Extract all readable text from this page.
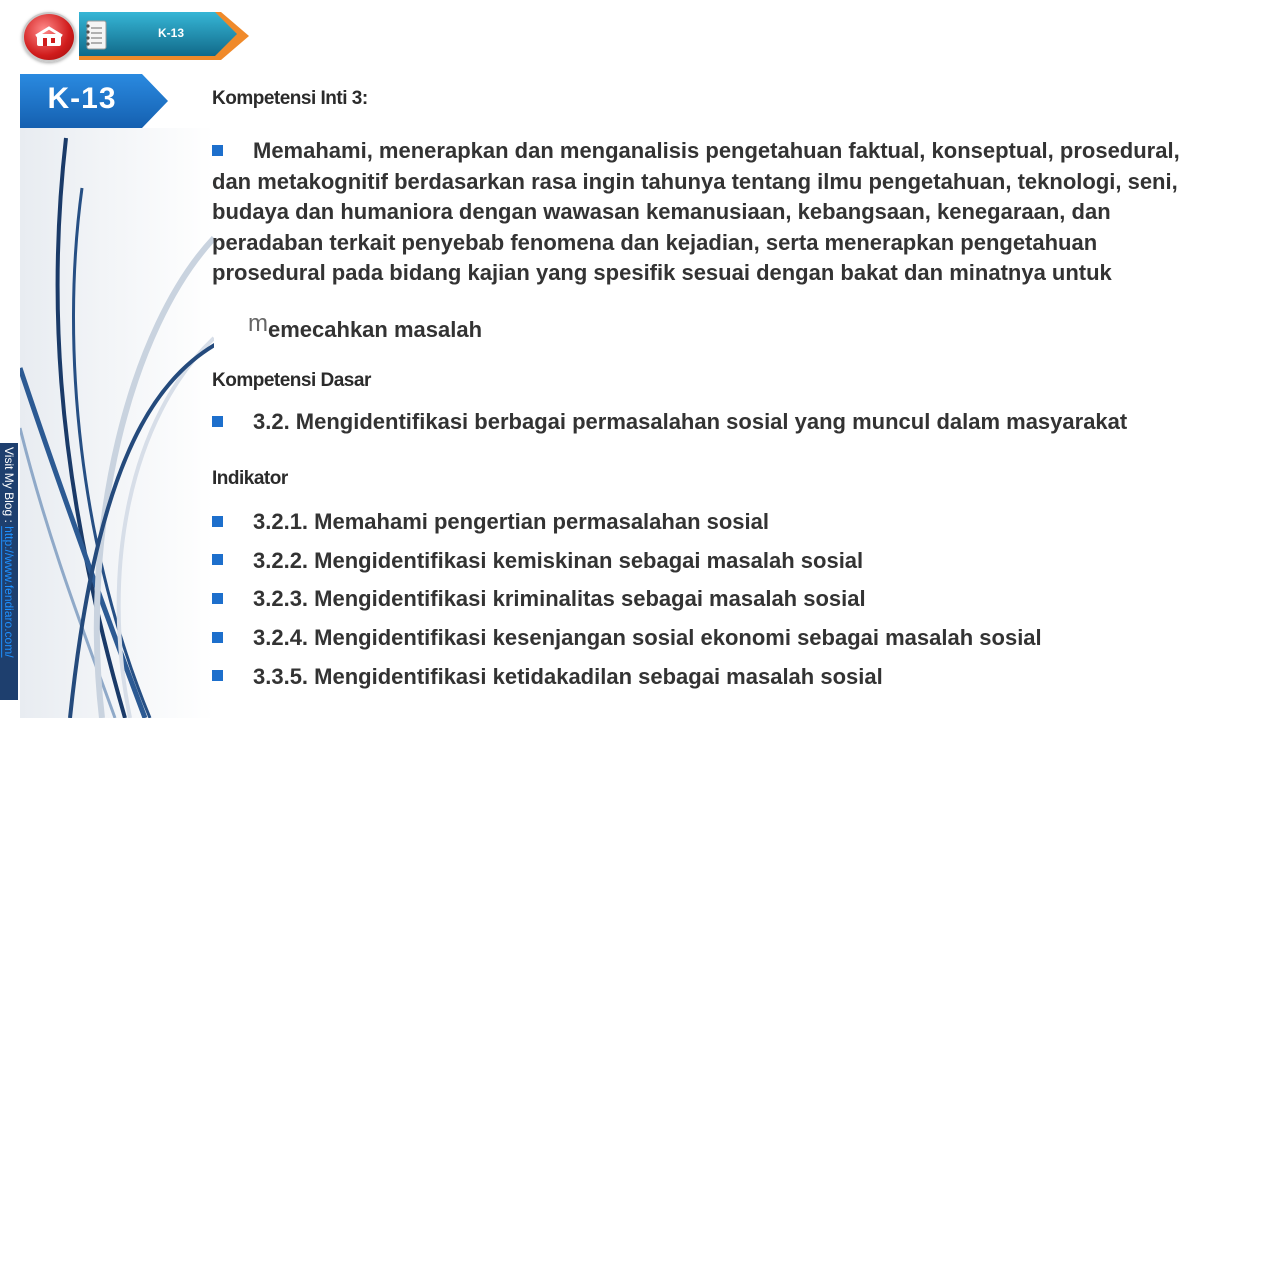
K-13
K-13
Visit My Blog : http://www.fendiaro.com/
Kompetensi Inti 3:

Memahami, menerapkan dan menganalisis pengetahuan faktual, konseptual, prosedural, dan metakognitif berdasarkan rasa ingin tahunya tentang ilmu pengetahuan, teknologi, seni, budaya dan humaniora dengan wawasan kemanusiaan, kebangsaan, kenegaraan, dan peradaban terkait penyebab fenomena dan kejadian, serta menerapkan pengetahuan prosedural pada bidang kajian yang spesifik sesuai dengan bakat dan minatnya untuk

memecahkan masalah
Kompetensi Dasar
3.2. Mengidentifikasi berbagai permasalahan sosial yang muncul dalam masyarakat
Indikator
3.2.1. Memahami pengertian permasalahan sosial
3.2.2. Mengidentifikasi kemiskinan sebagai masalah sosial
3.2.3. Mengidentifikasi kriminalitas sebagai masalah sosial
3.2.4. Mengidentifikasi kesenjangan sosial ekonomi sebagai masalah sosial
3.3.5. Mengidentifikasi ketidakadilan sebagai masalah sosial
